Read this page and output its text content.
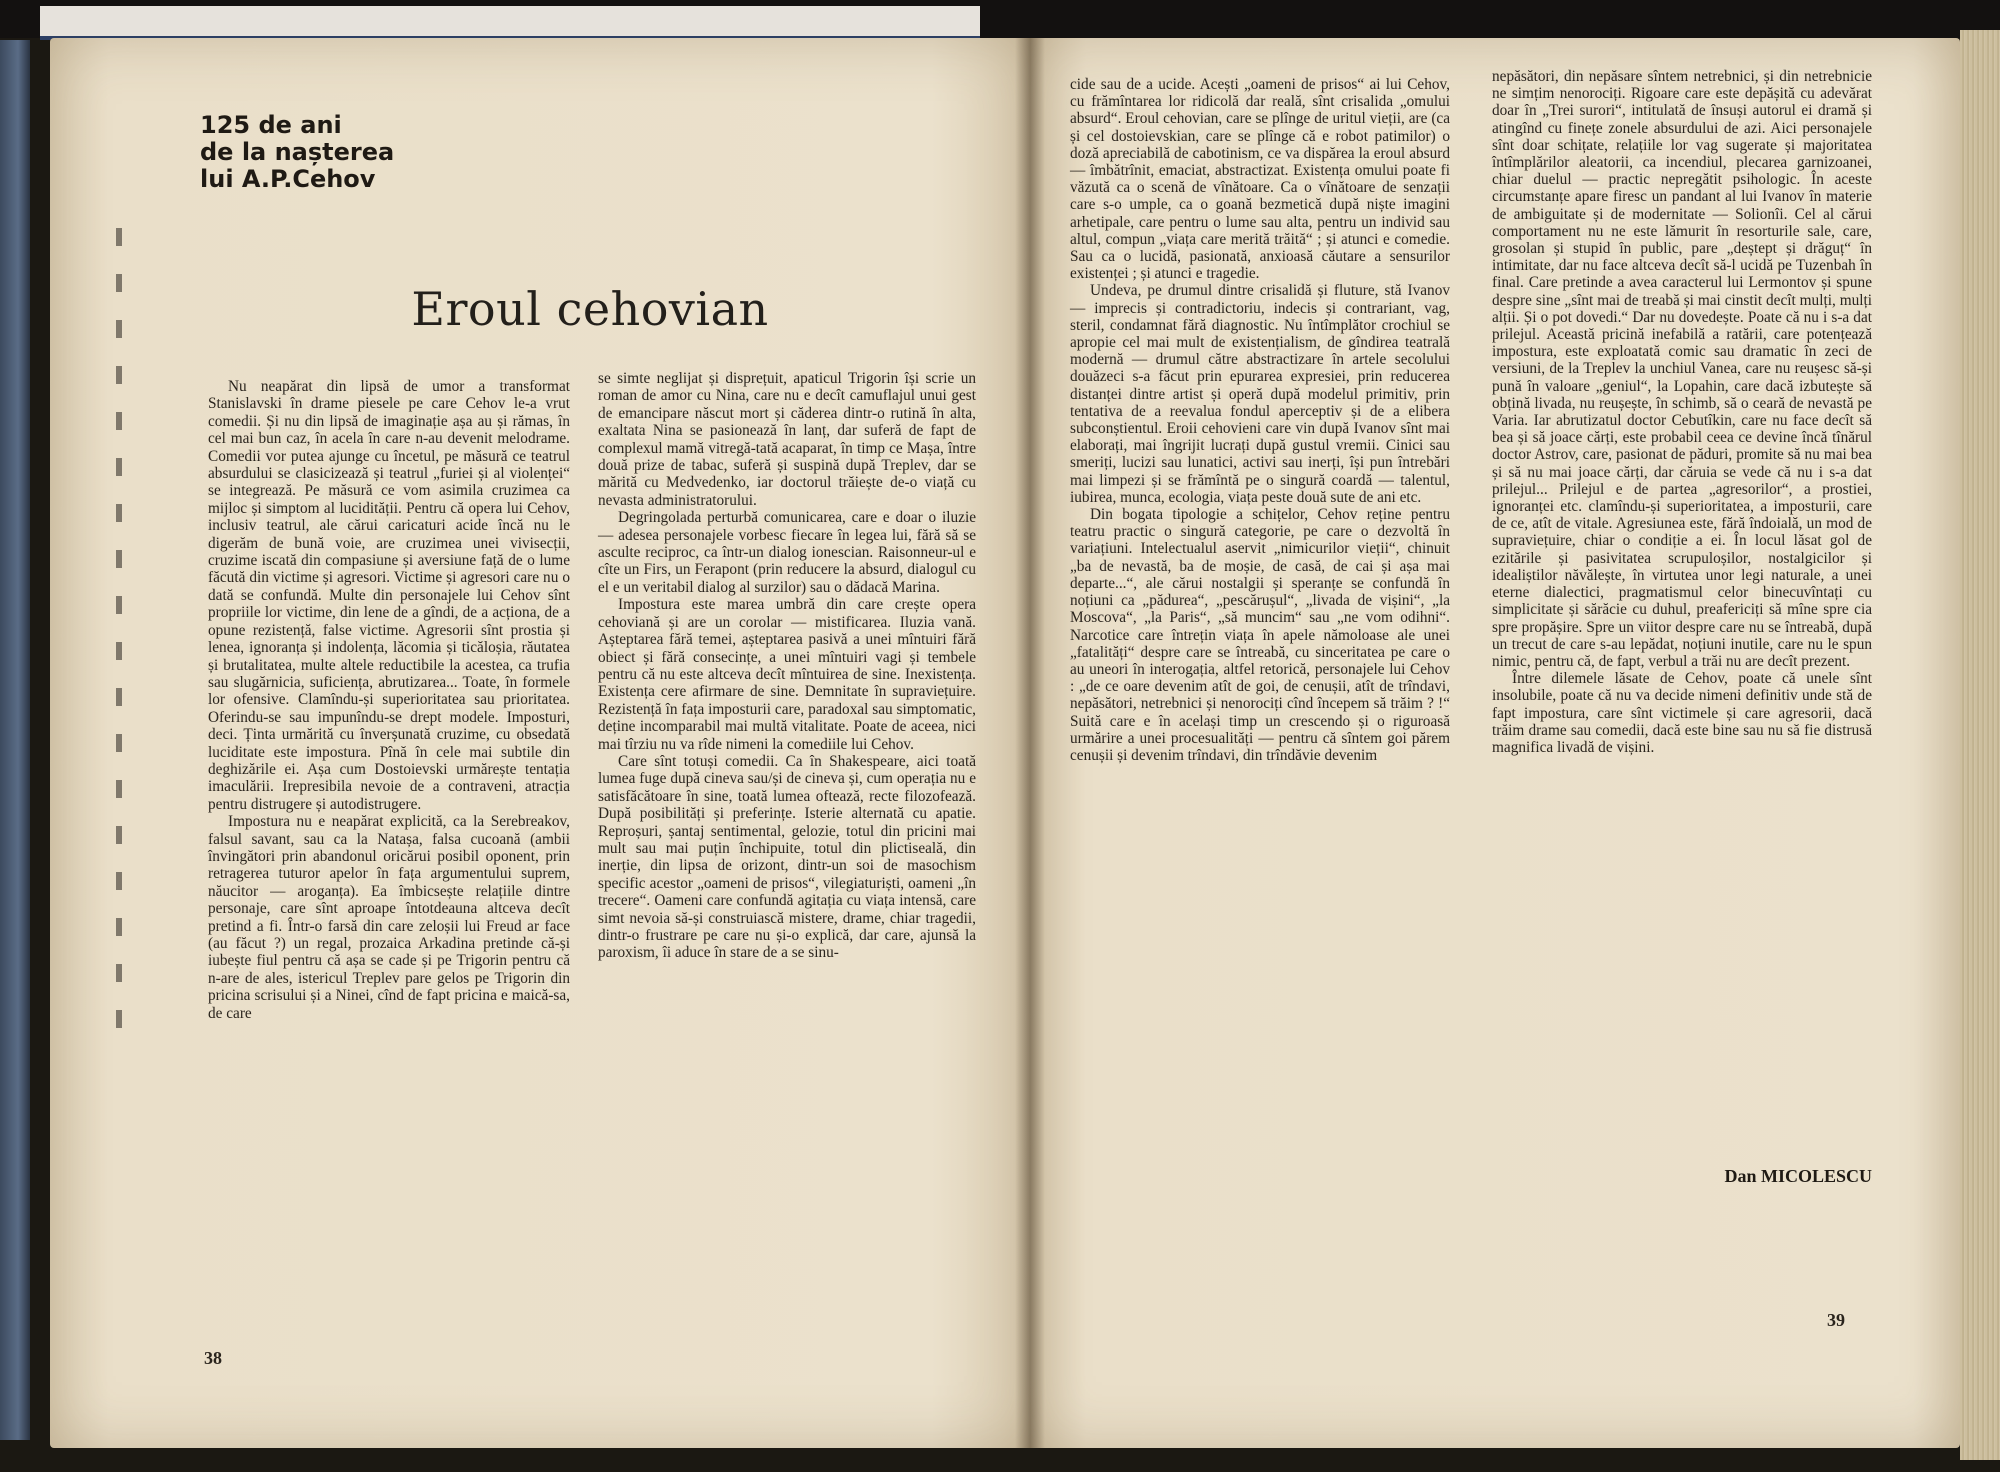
125 de ani
de la nașterea
lui A.P.Cehov
Eroul cehovian

Nu neapărat din lipsă de umor a transformat Stanislavski în drame piesele pe care Cehov le-a vrut comedii. Și nu din lipsă de imaginație așa au și rămas, în cel mai bun caz, în acela în care n-au devenit melodrame. Comedii vor putea ajunge cu încetul, pe măsură ce teatrul absurdului se clasicizează și teatrul „furiei și al violenței“ se integrează. Pe măsură ce vom asimila cruzimea ca mijloc și simptom al lucidității. Pentru că opera lui Cehov, inclusiv teatrul, ale cărui caricaturi acide încă nu le digerăm de bună voie, are cruzimea unei vivisecții, cruzime iscată din compasiune și aversiune față de o lume făcută din victime și agresori. Victime și agresori care nu o dată se confundă. Multe din personajele lui Cehov sînt propriile lor victime, din lene de a gîndi, de a acționa, de a opune rezistență, false victime. Agresorii sînt prostia și lenea, ignoranța și indolența, lăcomia și ticăloșia, răutatea și brutalitatea, multe altele reductibile la acestea, ca trufia sau slugărnicia, suficiența, abrutizarea... Toate, în formele lor ofensive. Clamîndu-și superioritatea sau prioritatea. Oferindu-se sau impunîndu-se drept modele. Imposturi, deci. Ținta urmărită cu înverșunată cruzime, cu obsedată luciditate este impostura. Pînă în cele mai subtile din deghizările ei. Așa cum Dostoievski urmărește tentația imaculării. Irepresibila nevoie de a contraveni, atracția pentru distrugere și autodistrugere.

Impostura nu e neapărat explicită, ca la Serebreakov, falsul savant, sau ca la Natașa, falsa cucoană (ambii învingători prin abandonul oricărui posibil oponent, prin retragerea tuturor apelor în fața argumentului suprem, năucitor — aroganța). Ea îmbicsește relațiile dintre personaje, care sînt aproape întotdeauna altceva decît pretind a fi. Într-o farsă din care zeloșii lui Freud ar face (au făcut ?) un regal, prozaica Arkadina pretinde că-și iubește fiul pentru că așa se cade și pe Trigorin pentru că n-are de ales, istericul Treplev pare gelos pe Trigorin din pricina scrisului și a Ninei, cînd de fapt pricina e maică-sa, de care

se simte neglijat și disprețuit, apaticul Trigorin își scrie un roman de amor cu Nina, care nu e decît camuflajul unui gest de emancipare născut mort și căderea dintr-o rutină în alta, exaltata Nina se pasionează în lanț, dar suferă de fapt de complexul mamă vitregă-tată acaparat, în timp ce Mașa, între două prize de tabac, suferă și suspină după Treplev, dar se mărită cu Medvedenko, iar doctorul trăiește de-o viață cu nevasta administratorului.

Degringolada perturbă comunicarea, care e doar o iluzie — adesea personajele vorbesc fiecare în legea lui, fără să se asculte reciproc, ca într-un dialog ionescian. Raisonneur-ul e cîte un Firs, un Ferapont (prin reducere la absurd, dialogul cu el e un veritabil dialog al surzilor) sau o dădacă Marina.

Impostura este marea umbră din care crește opera cehoviană și are un corolar — mistificarea. Iluzia vană. Așteptarea fără temei, așteptarea pasivă a unei mîntuiri fără obiect și fără consecințe, a unei mîntuiri vagi și tembele pentru că nu este altceva decît mîntuirea de sine. Inexistența. Existența cere afirmare de sine. Demnitate în supraviețuire. Rezistență în fața imposturii care, paradoxal sau simptomatic, deține incomparabil mai multă vitalitate. Poate de aceea, nici mai tîrziu nu va rîde nimeni la comediile lui Cehov.

Care sînt totuși comedii. Ca în Shakespeare, aici toată lumea fuge după cineva sau/și de cineva și, cum operația nu e satisfăcătoare în sine, toată lumea oftează, recte filozofează. După posibilități și preferințe. Isterie alternată cu apatie. Reproșuri, șantaj sentimental, gelozie, totul din pricini mai mult sau mai puțin închipuite, totul din plictiseală, din inerție, din lipsa de orizont, dintr-un soi de masochism specific acestor „oameni de prisos“, vilegiaturiști, oameni „în trecere“. Oameni care confundă agitația cu viața intensă, care simt nevoia să-și construiască mistere, drame, chiar tragedii, dintr-o frustrare pe care nu și-o explică, dar care, ajunsă la paroxism, îi aduce în stare de a se sinu-

cide sau de a ucide. Acești „oameni de prisos“ ai lui Cehov, cu frămîntarea lor ridicolă dar reală, sînt crisalida „omului absurd“. Eroul cehovian, care se plînge de uritul vieții, are (ca și cel dostoievskian, care se plînge că e robot patimilor) o doză apreciabilă de cabotinism, ce va dispărea la eroul absurd — îmbătrînit, emaciat, abstractizat. Existența omului poate fi văzută ca o scenă de vînătoare. Ca o vînătoare de senzații care s-o umple, ca o goană bezmetică după niște imagini arhetipale, care pentru o lume sau alta, pentru un individ sau altul, compun „viața care merită trăită“ ; și atunci e comedie. Sau ca o lucidă, pasionată, anxioasă căutare a sensurilor existenței ; și atunci e tragedie.

Undeva, pe drumul dintre crisalidă și fluture, stă Ivanov — imprecis și contradictoriu, indecis și contrariant, vag, steril, condamnat fără diagnostic. Nu întîmplător crochiul se apropie cel mai mult de existențialism, de gîndirea teatrală modernă — drumul către abstractizare în artele secolului douăzeci s-a făcut prin epurarea expresiei, prin reducerea distanței dintre artist și operă după modelul primitiv, prin tentativa de a reevalua fondul aperceptiv și de a elibera subconștientul. Eroii cehovieni care vin după Ivanov sînt mai elaborați, mai îngrijit lucrați după gustul vremii. Cinici sau smeriți, lucizi sau lunatici, activi sau inerți, își pun întrebări mai limpezi și se frămîntă pe o singură coardă — talentul, iubirea, munca, ecologia, viața peste două sute de ani etc.

Din bogata tipologie a schițelor, Cehov reține pentru teatru practic o singură categorie, pe care o dezvoltă în variațiuni. Intelectualul aservit „nimicurilor vieții“, chinuit „ba de nevastă, ba de moșie, de casă, de cai și așa mai departe...“, ale cărui nostalgii și speranțe se confundă în noțiuni ca „pădurea“, „pescărușul“, „livada de vișini“, „la Moscova“, „la Paris“, „să muncim“ sau „ne vom odihni“. Narcotice care întrețin viața în apele nămoloase ale unei „fatalități“ despre care se întreabă, cu sinceritatea pe care o au uneori în interogația, altfel retorică, personajele lui Cehov : „de ce oare devenim atît de goi, de cenușii, atît de trîndavi, nepăsători, netrebnici și nenorociți cînd începem să trăim ? !“ Suită care e în același timp un crescendo și o riguroasă urmărire a unei procesualități — pentru că sîntem goi părem cenușii și devenim trîndavi, din trîndăvie devenim

nepăsători, din nepăsare sîntem netrebnici, și din netrebnicie ne simțim nenorociți. Rigoare care este depășită cu adevărat doar în „Trei surori“, intitulată de însuși autorul ei dramă și atingînd cu finețe zonele absurdului de azi. Aici personajele sînt doar schițate, relațiile lor vag sugerate și majoritatea întîmplărilor aleatorii, ca incendiul, plecarea garnizoanei, chiar duelul — practic nepregătit psihologic. În aceste circumstanțe apare firesc un pandant al lui Ivanov în materie de ambiguitate și de modernitate — Solionîi. Cel al cărui comportament nu ne este lămurit în resorturile sale, care, grosolan și stupid în public, pare „deștept și drăguț“ în intimitate, dar nu face altceva decît să-l ucidă pe Tuzenbah în final. Care pretinde a avea caracterul lui Lermontov și spune despre sine „sînt mai de treabă și mai cinstit decît mulți, mulți alții. Și o pot dovedi.“ Dar nu dovedește. Poate că nu i s-a dat prilejul. Această pricină inefabilă a ratării, care potențează impostura, este exploatată comic sau dramatic în zeci de versiuni, de la Treplev la unchiul Vanea, care nu reușesc să-și pună în valoare „geniul“, la Lopahin, care dacă izbutește să obțină livada, nu reușește, în schimb, să o ceară de nevastă pe Varia. Iar abrutizatul doctor Cebutîkin, care nu face decît să bea și să joace cărți, este probabil ceea ce devine încă tînărul doctor Astrov, care, pasionat de păduri, promite să nu mai bea și să nu mai joace cărți, dar căruia se vede că nu i s-a dat prilejul... Prilejul e de partea „agresorilor“, a prostiei, ignoranței etc. clamîndu-și superioritatea, a imposturii, care de ce, atît de vitale. Agresiunea este, fără îndoială, un mod de supraviețuire, chiar o condiție a ei. În locul lăsat gol de ezitările și pasivitatea scrupuloșilor, nostalgicilor și idealiștilor năvălește, în virtutea unor legi naturale, a unei eterne dialectici, pragmatismul celor binecuvîntați cu simplicitate și sărăcie cu duhul, preafericiți să mîne spre cia spre propășire. Spre un viitor despre care nu se întreabă, după un trecut de care s-au lepădat, noțiuni inutile, care nu le spun nimic, pentru că, de fapt, verbul a trăi nu are decît prezent.

Între dilemele lăsate de Cehov, poate că unele sînt insolubile, poate că nu va decide nimeni definitiv unde stă de fapt impostura, care sînt victimele și care agresorii, dacă trăim drame sau comedii, dacă este bine sau nu să fie distrusă magnifica livadă de vișini.

Dan MICOLESCU

38
39
